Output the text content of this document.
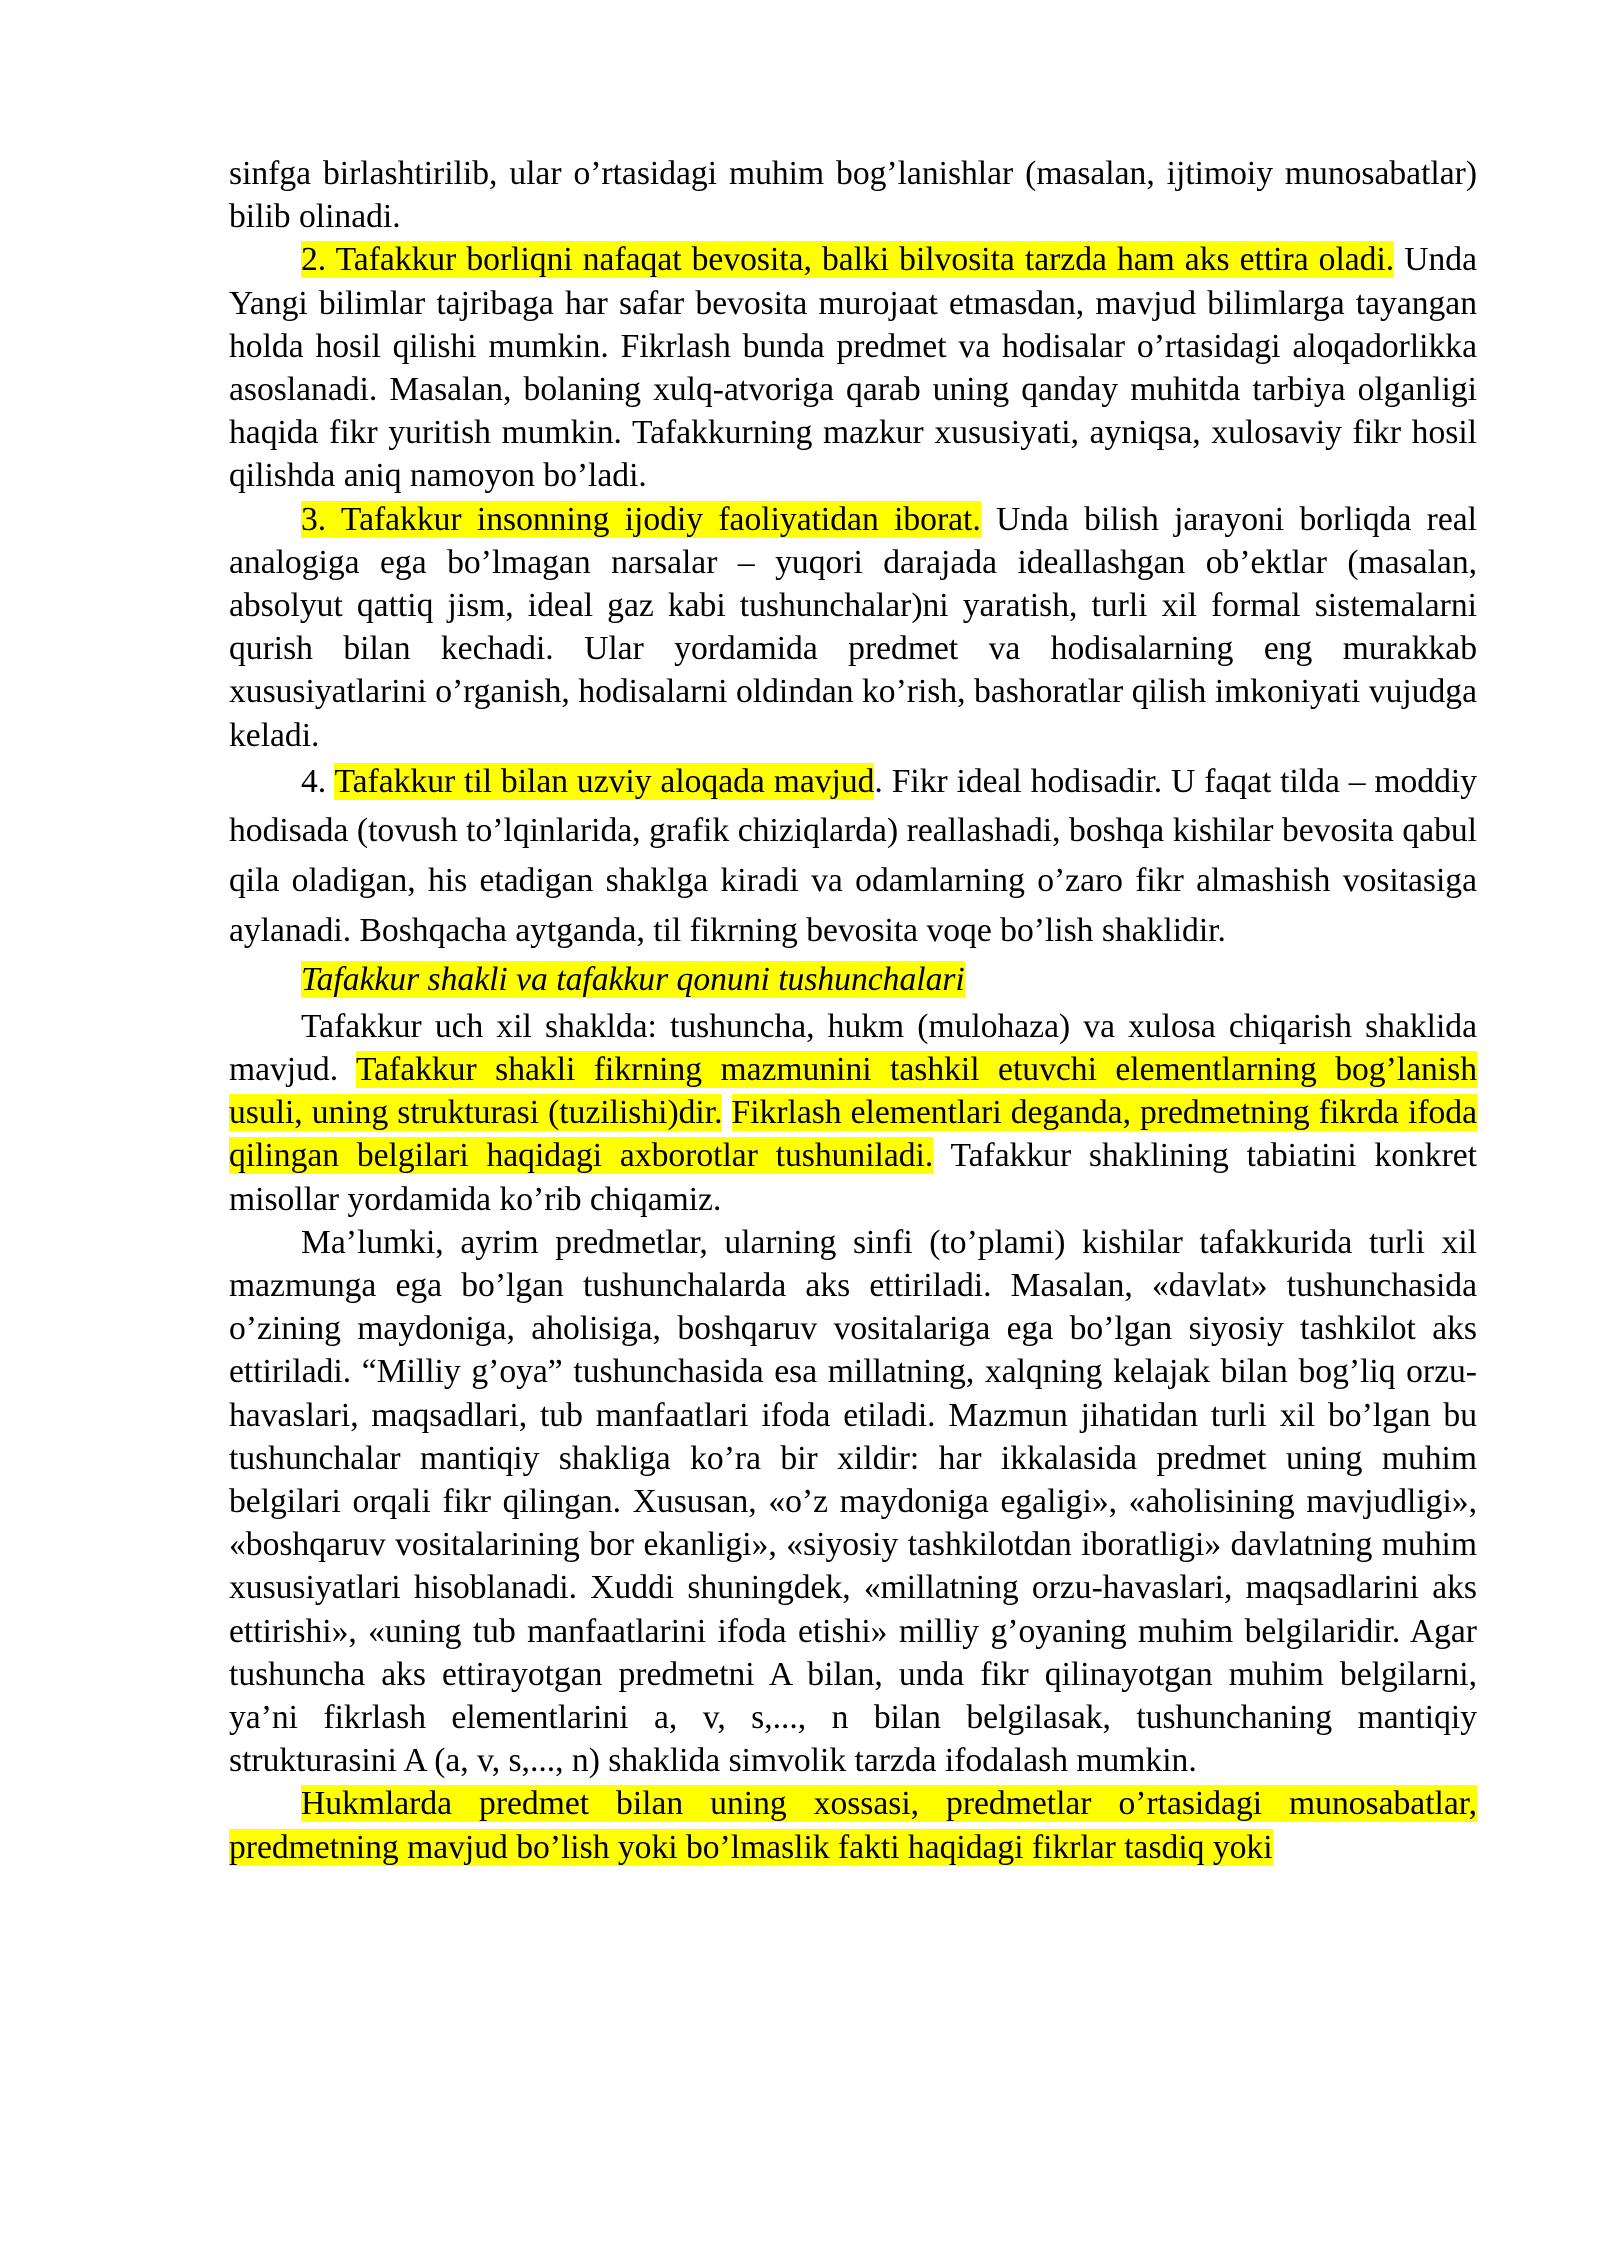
sinfga birlashtirilib, ular o’rtasidagi muhim bog’lanishlar (masalan, ijtimoiy munosabatlar) bilib olinadi.

2. Tafakkur borliqni nafaqat bevosita, balki bilvosita tarzda ham aks ettira oladi. Unda Yangi bilimlar tajribaga har safar bevosita murojaat etmasdan, mavjud bilimlarga tayangan holda hosil qilishi mumkin. Fikrlash bunda predmet va hodisalar o’rtasidagi aloqadorlikka asoslanadi. Masalan, bolaning xulq-atvoriga qarab uning qanday muhitda tarbiya olganligi haqida fikr yuritish mumkin. Tafakkurning mazkur xususiyati, ayniqsa, xulosaviy fikr hosil qilishda aniq namoyon bo’ladi.

3. Tafakkur insonning ijodiy faoliyatidan iborat. Unda bilish jarayoni borliqda real analogiga ega bo’lmagan narsalar – yuqori darajada ideallashgan ob’ektlar (masalan, absolyut qattiq jism, ideal gaz kabi tushunchalar)ni yaratish, turli xil formal sistemalarni qurish bilan kechadi. Ular yordamida predmet va hodisalarning eng murakkab xususiyatlarini o’rganish, hodisalarni oldindan ko’rish, bashoratlar qilish imkoniyati vujudga keladi.

4. Tafakkur til bilan uzviy aloqada mavjud. Fikr ideal hodisadir. U faqat tilda – moddiy hodisada (tovush to’lqinlarida, grafik chiziqlarda) reallashadi, boshqa kishilar bevosita qabul qila oladigan, his etadigan shaklga kiradi va odamlarning o’zaro fikr almashish vositasiga aylanadi. Boshqacha aytganda, til fikrning bevosita voqe bo’lish shaklidir.

Tafakkur shakli va tafakkur qonuni tushunchalari

Tafakkur uch xil shaklda: tushuncha, hukm (mulohaza) va xulosa chiqarish shaklida mavjud. Tafakkur shakli fikrning mazmunini tashkil etuvchi elementlarning bog’lanish usuli, uning strukturasi (tuzilishi)dir. Fikrlash elementlari deganda, predmetning fikrda ifoda qilingan belgilari haqidagi axborotlar tushuniladi. Tafakkur shaklining tabiatini konkret misollar yordamida ko’rib chiqamiz.

Ma’lumki, ayrim predmetlar, ularning sinfi (to’plami) kishilar tafakkurida turli xil mazmunga ega bo’lgan tushunchalarda aks ettiriladi. Masalan, «davlat» tushunchasida o’zining maydoniga, aholisiga, boshqaruv vositalariga ega bo’lgan siyosiy tashkilot aks ettiriladi. “Milliy g’oya” tushunchasida esa millatning, xalqning kelajak bilan bog’liq orzu-havaslari, maqsadlari, tub manfaatlari ifoda etiladi. Mazmun jihatidan turli xil bo’lgan bu tushunchalar mantiqiy shakliga ko’ra bir xildir: har ikkalasida predmet uning muhim belgilari orqali fikr qilingan. Xususan, «o’z maydoniga egaligi», «aholisining mavjudligi», «boshqaruv vositalarining bor ekanligi», «siyosiy tashkilotdan iboratligi» davlatning muhim xususiyatlari hisoblanadi. Xuddi shuningdek, «millatning orzu-havaslari, maqsadlarini aks ettirishi», «uning tub manfaatlarini ifoda etishi» milliy g’oyaning muhim belgilaridir. Agar tushuncha aks ettirayotgan predmetni A bilan, unda fikr qilinayotgan muhim belgilarni, ya’ni fikrlash elementlarini a, v, s,..., n bilan belgilasak, tushunchaning mantiqiy strukturasini A (a, v, s,..., n) shaklida simvolik tarzda ifodalash mumkin.

Hukmlarda predmet bilan uning xossasi, predmetlar o’rtasidagi munosabatlar, predmetning mavjud bo’lish yoki bo’lmaslik fakti haqidagi fikrlar tasdiq yoki
